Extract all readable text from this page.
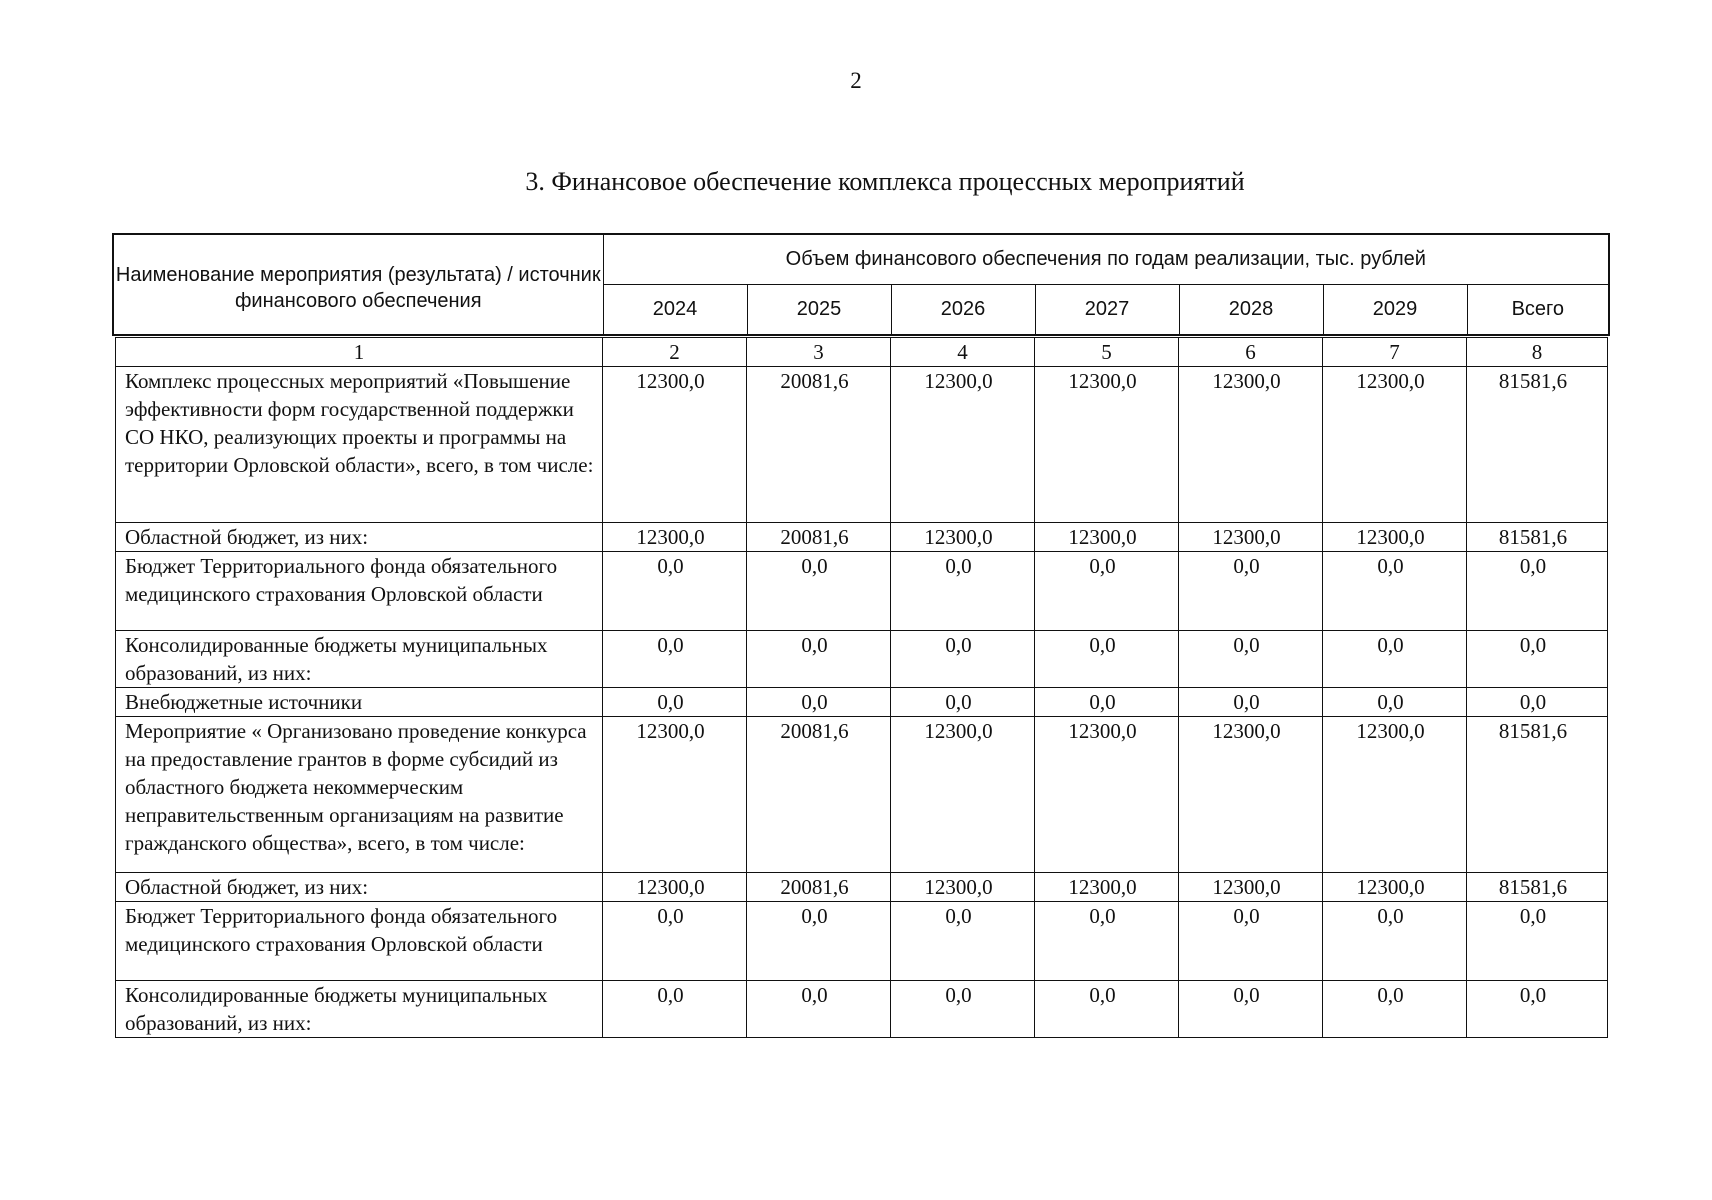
2
3. Финансовое обеспечение комплекса процессных мероприятий
Наименование мероприятия (результата) / источник финансового обеспечения	Объем финансового обеспечения по годам реализации, тыс. рублей						
	2024	2025	2026	2027	2028	2029	Всего
1	2	3	4	5	6	7	8
Комплекс процессных мероприятий «Повышение эффективности форм государственной поддержки СО НКО, реализующих проекты и программы на территории Орловской области», всего, в том числе:	12300,0	20081,6	12300,0	12300,0	12300,0	12300,0	81581,6
Областной бюджет, из них:	12300,0	20081,6	12300,0	12300,0	12300,0	12300,0	81581,6
Бюджет Территориального фонда обязательного медицинского страхования Орловской области	0,0	0,0	0,0	0,0	0,0	0,0	0,0
Консолидированные бюджеты муниципальных образований, из них:	0,0	0,0	0,0	0,0	0,0	0,0	0,0
Внебюджетные источники	0,0	0,0	0,0	0,0	0,0	0,0	0,0
Мероприятие « Организовано проведение конкурса на предоставление грантов в форме субсидий из областного бюджета некоммерческим неправительственным организациям на развитие гражданского общества», всего, в том числе:	12300,0	20081,6	12300,0	12300,0	12300,0	12300,0	81581,6
Областной бюджет, из них:	12300,0	20081,6	12300,0	12300,0	12300,0	12300,0	81581,6
Бюджет Территориального фонда обязательного медицинского страхования Орловской области	0,0	0,0	0,0	0,0	0,0	0,0	0,0
Консолидированные бюджеты муниципальных образований, из них:	0,0	0,0	0,0	0,0	0,0	0,0	0,0
